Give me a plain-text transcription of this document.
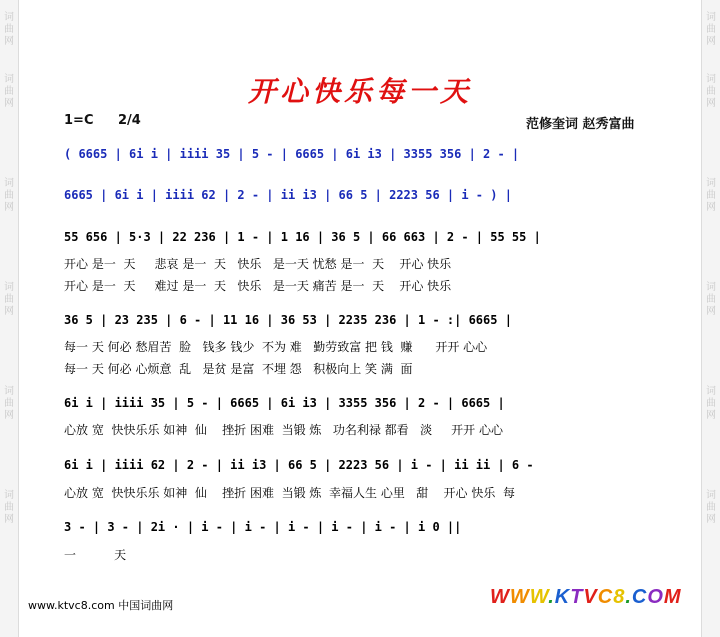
词
曲
网
词
曲
网
词
曲
网
词
曲
网
词
曲
网
词
曲
网
词
曲
网
词
曲
网
词
曲
网
词
曲
网
词
曲
网
词
曲
网
开心快乐每一天
1=C 2/4	范修奎词 赵秀富曲
( 6665 | 6i i | iiii 35 | 5 - | 6665 | 6i i3 | 3355 356 | 2 - |
6665 | 6i i | iiii 62 | 2 - | ii i3 | 66 5 | 2223 56 | i - ) |
55 656 | 5·3 | 22 236 | 1 - | 1 16 | 36 5 | 66 663 | 2 - | 55 55 |
开心 是一  天     悲哀 是一  天   快乐   是一天 忧愁 是一  天    开心 快乐
开心 是一  天     难过 是一  天   快乐   是一天 痛苦 是一  天    开心 快乐
36 5 | 23 235 | 6 - | 11 16 | 36 53 | 2235 236 | 1 - :| 6665 |
每一 天 何必 愁眉苦  脸   钱多 钱少  不为 难   勤劳致富 把 钱  赚      开开 心心
每一 天 何必 心烦意  乱   是贫 是富  不埋 怨   积极向上 笑 满  面
6i i | iiii 35 | 5 - | 6665 | 6i i3 | 3355 356 | 2 - | 6665 |
心放 宽  快快乐乐 如神  仙    挫折 困难  当锻 炼   功名利禄 都看   淡     开开 心心
6i i | iiii 62 | 2 - | ii i3 | 66 5 | 2223 56 | i - | ii ii | 6 -
心放 宽  快快乐乐 如神  仙    挫折 困难  当锻 炼  幸福人生 心里   甜    开心 快乐  每
3 - | 3 - | 2i · | i - | i - | i - | i - | i - | i 0 ||
一          天
www.ktvc8.com 中国词曲网	WWW.KTVC8.COM
